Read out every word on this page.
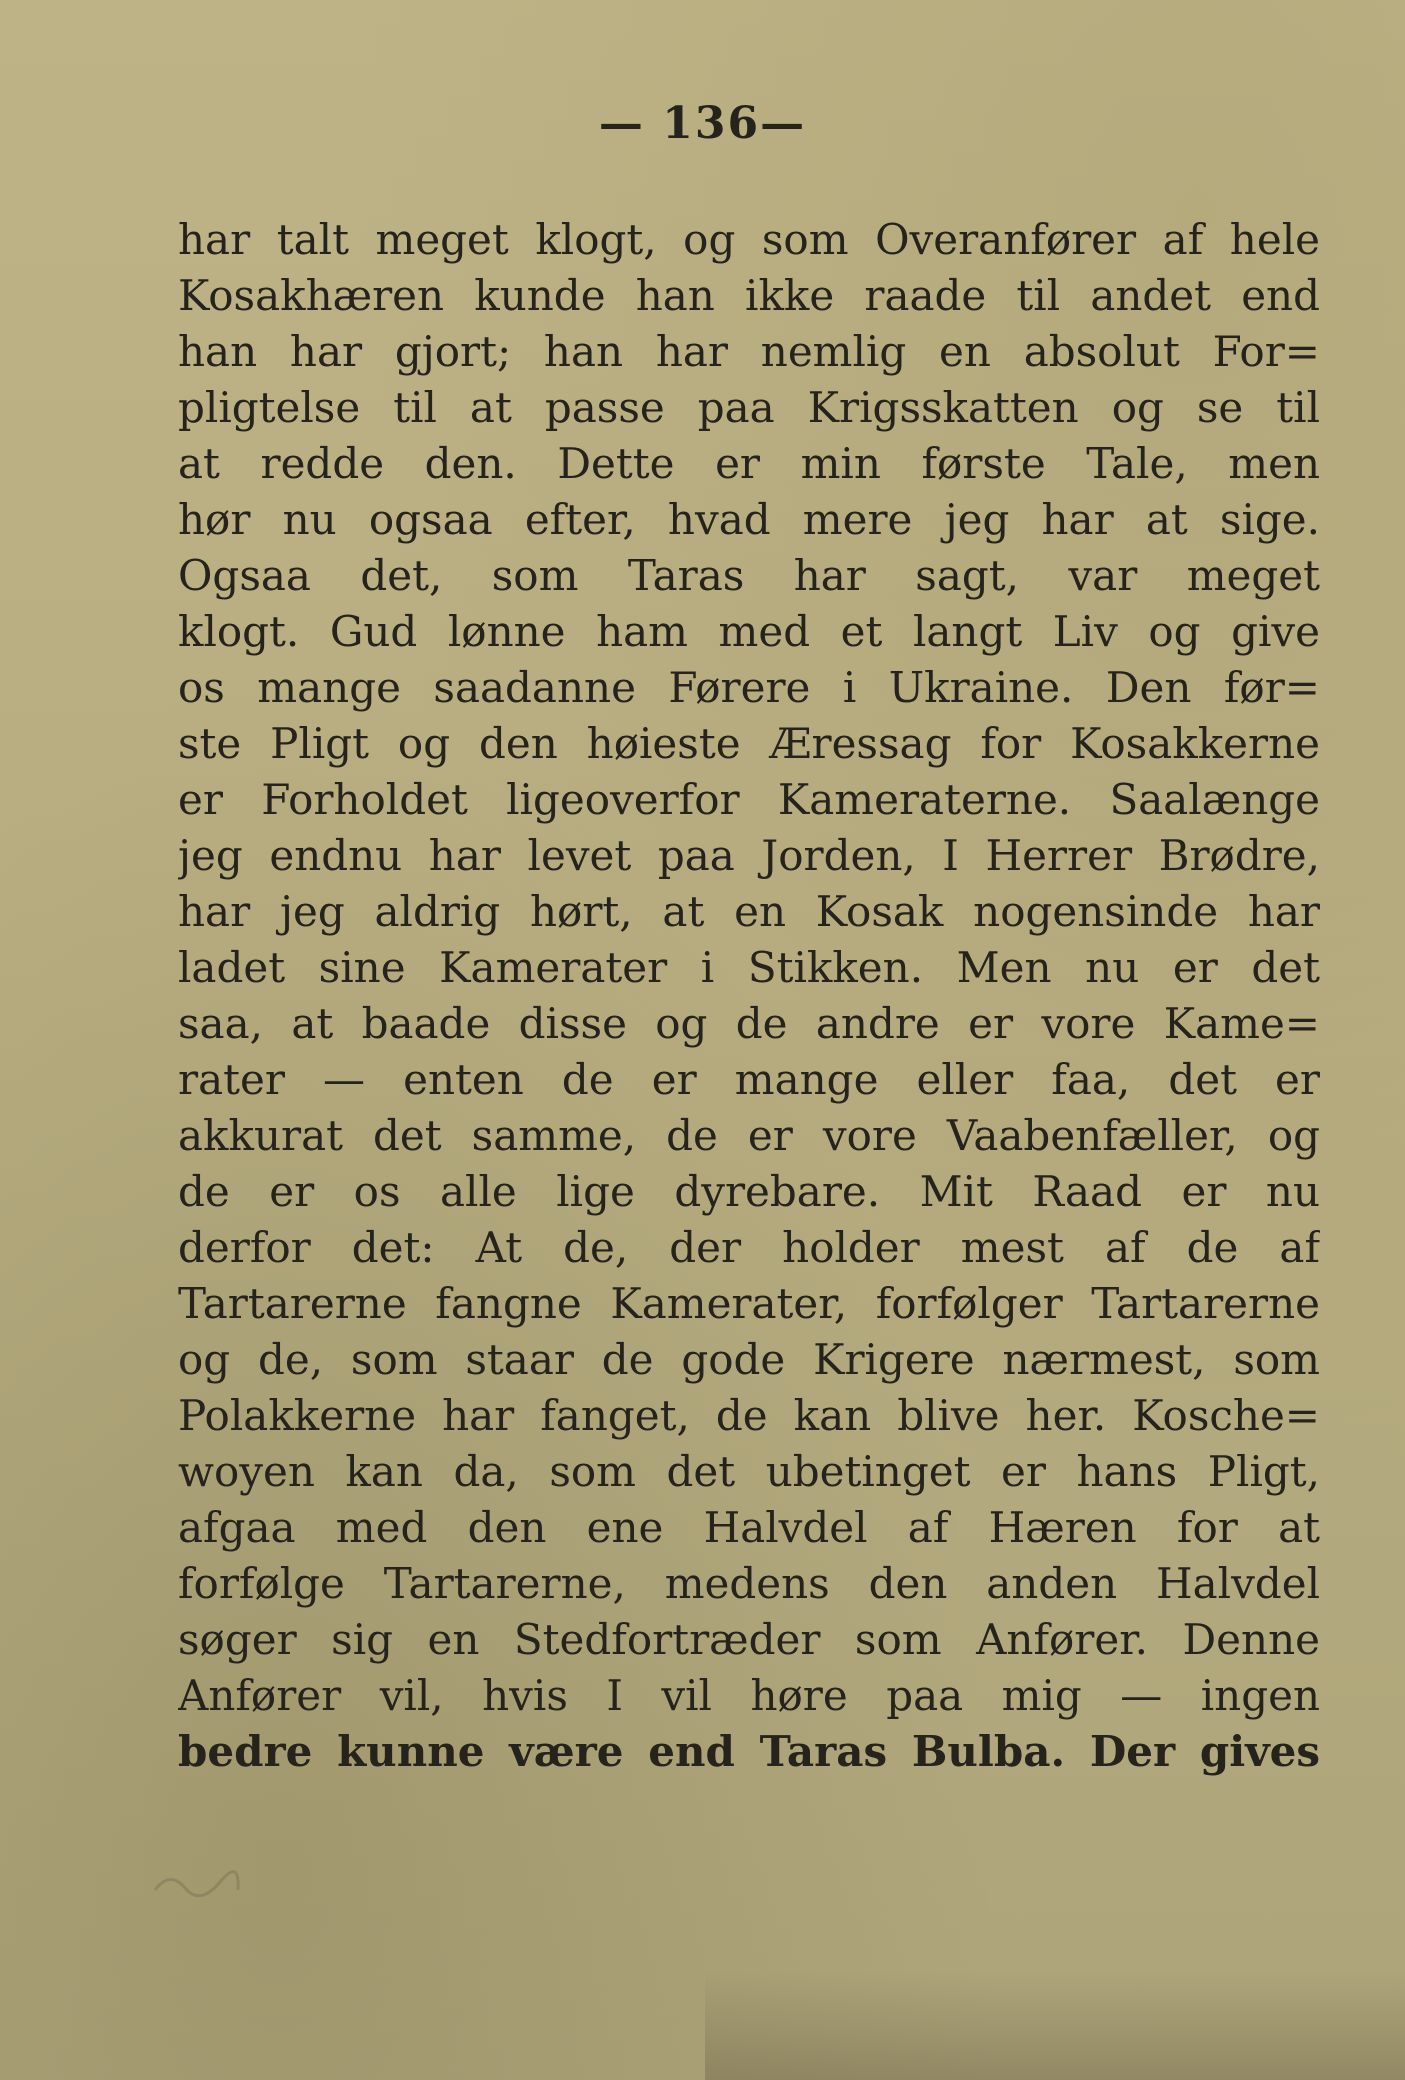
— 136—
har talt meget klogt, og som Overanfører af hele
Kosakhæren kunde han ikke raade til andet end
han har gjort; han har nemlig en absolut For=
pligtelse til at passe paa Krigsskatten og se til
at redde den. Dette er min første Tale, men
hør nu ogsaa efter, hvad mere jeg har at sige.
Ogsaa det, som Taras har sagt, var meget
klogt. Gud lønne ham med et langt Liv og give
os mange saadanne Førere i Ukraine. Den før=
ste Pligt og den høieste Æressag for Kosakkerne
er Forholdet ligeoverfor Kameraterne. Saalænge
jeg endnu har levet paa Jorden, I Herrer Brødre,
har jeg aldrig hørt, at en Kosak nogensinde har
ladet sine Kamerater i Stikken. Men nu er det
saa, at baade disse og de andre er vore Kame=
rater — enten de er mange eller faa, det er
akkurat det samme, de er vore Vaabenfæller, og
de er os alle lige dyrebare. Mit Raad er nu
derfor det: At de, der holder mest af de af
Tartarerne fangne Kamerater, forfølger Tartarerne
og de, som staar de gode Krigere nærmest, som
Polakkerne har fanget, de kan blive her. Kosche=
woyen kan da, som det ubetinget er hans Pligt,
afgaa med den ene Halvdel af Hæren for at
forfølge Tartarerne, medens den anden Halvdel
søger sig en Stedfortræder som Anfører. Denne
Anfører vil, hvis I vil høre paa mig — ingen
bedre kunne være end Taras Bulba. Der gives
